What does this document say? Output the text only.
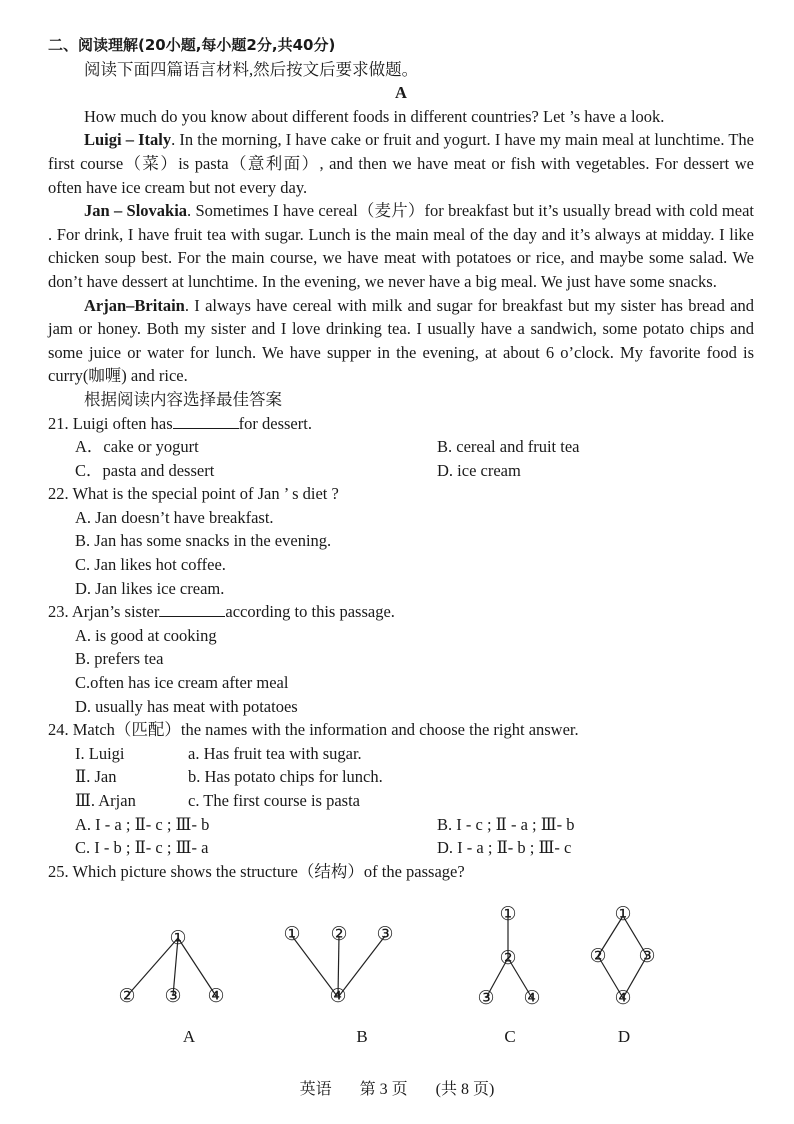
二、阅读理解(20小题,每小题2分,共40分)

阅读下面四篇语言材料,然后按文后要求做题。

A

How much do you know about different foods in different countries? Let ’s have a look.

Luigi – Italy. In the morning, I have cake or fruit and yogurt. I have my main meal at lunchtime. The first course（菜）is pasta（意利面）, and then we have meat or fish with vegetables. For dessert we often have ice cream but not every day.

Jan – Slovakia. Sometimes I have cereal（麦片）for breakfast but it’s usually bread with cold meat . For drink, I have fruit tea with sugar. Lunch is the main meal of the day and it’s always at midday. I like chicken soup best. For the main course, we have meat with potatoes or rice, and maybe some salad. We don’t have dessert at lunchtime. In the evening, we never have a big meal. We just have some snacks.

Arjan–Britain. I always have cereal with milk and sugar for breakfast but my sister has bread and jam or honey. Both my sister and I love drinking tea. I usually have a sandwich, some potato chips and some juice or water for lunch. We have supper in the evening, at about 6 o’clock. My favorite food is curry(咖喱) and rice.

根据阅读内容选择最佳答案

21. Luigi often has	for dessert.

A．cake or yogurt	B. cereal and fruit tea
C．pasta and dessert	D. ice cream

22. What is the special point of Jan ’ s diet ?

A. Jan doesn’t have breakfast.

B. Jan has some snacks in the evening.

C. Jan likes hot coffee.

D. Jan likes ice cream.

23. Arjan’s sister	according to this passage.

A. is good at cooking

B. prefers tea

C.often has ice cream after meal

D. usually has meat with potatoes

24. Match（匹配）the names with the information and choose the right answer.

I. Luigi	a. Has fruit tea with sugar.
Ⅱ. Jan	b. Has potato chips for lunch.
Ⅲ. Arjan	c. The first course is pasta
A. I - a ; Ⅱ- c ; Ⅲ- b	B. I - c ; Ⅱ - a ; Ⅲ- b
C. I - b ; Ⅱ- c ; Ⅲ- a	D. I - a ; Ⅱ- b ; Ⅲ- c

25. Which picture shows the structure（结构）of the passage?

①
② ③ ④
① ② ③
④
①
②
③ ④
①
② ③
④
A	B	C	D
英语 第 3 页 (共 8 页)
